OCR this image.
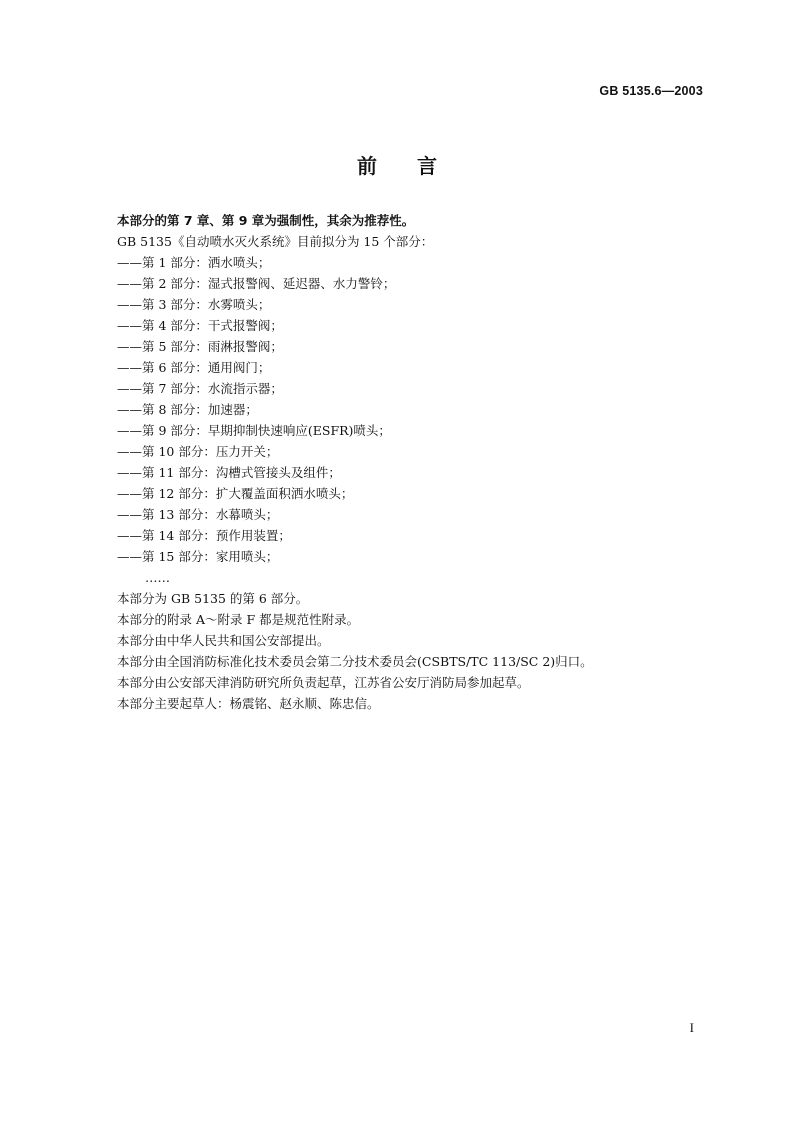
GB 5135.6—2003
前言
本部分的第 7 章、第 9 章为强制性，其余为推荐性。
GB 5135《自动喷水灭火系统》目前拟分为 15 个部分：
——第 1 部分：洒水喷头；
——第 2 部分：湿式报警阀、延迟器、水力警铃；
——第 3 部分：水雾喷头；
——第 4 部分：干式报警阀；
——第 5 部分：雨淋报警阀；
——第 6 部分：通用阀门；
——第 7 部分：水流指示器；
——第 8 部分：加速器；
——第 9 部分：早期抑制快速响应(ESFR)喷头；
——第 10 部分：压力开关；
——第 11 部分：沟槽式管接头及组件；
——第 12 部分：扩大覆盖面积洒水喷头；
——第 13 部分：水幕喷头；
——第 14 部分：预作用装置；
——第 15 部分：家用喷头；
……
本部分为 GB 5135 的第 6 部分。
本部分的附录 A～附录 F 都是规范性附录。
本部分由中华人民共和国公安部提出。
本部分由全国消防标准化技术委员会第二分技术委员会(CSBTS/TC 113/SC 2)归口。
本部分由公安部天津消防研究所负责起草，江苏省公安厅消防局参加起草。
本部分主要起草人：杨震铭、赵永顺、陈忠信。
I
